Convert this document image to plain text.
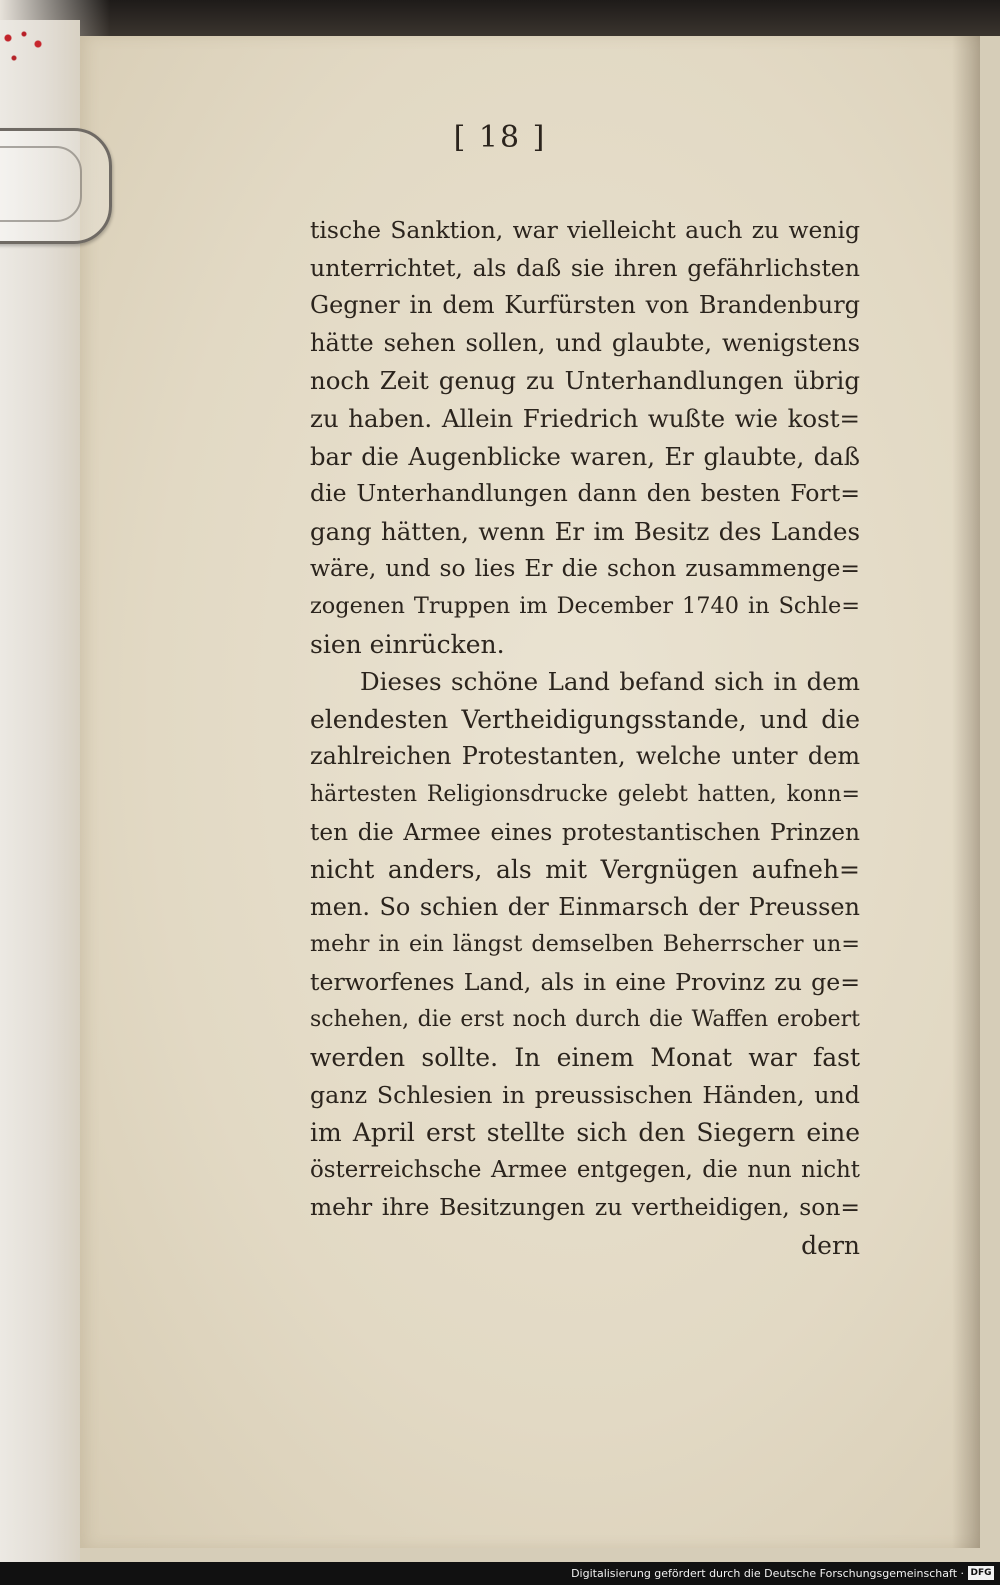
[ 18 ]
tische Sanktion, war vielleicht auch zu wenig
unterrichtet, als daß sie ihren gefährlichsten
Gegner in dem Kurfürsten von Brandenburg
hätte sehen sollen, und glaubte, wenigstens
noch Zeit genug zu Unterhandlungen übrig
zu haben. Allein Friedrich wußte wie kost=
bar die Augenblicke waren, Er glaubte, daß
die Unterhandlungen dann den besten Fort=
gang hätten, wenn Er im Besitz des Landes
wäre, und so lies Er die schon zusammenge=
zogenen Truppen im December 1740 in Schle=
sien einrücken.
Dieses schöne Land befand sich in dem
elendesten Vertheidigungsstande, und die
zahlreichen Protestanten, welche unter dem
härtesten Religionsdrucke gelebt hatten, konn=
ten die Armee eines protestantischen Prinzen
nicht anders, als mit Vergnügen aufneh=
men. So schien der Einmarsch der Preussen
mehr in ein längst demselben Beherrscher un=
terworfenes Land, als in eine Provinz zu ge=
schehen, die erst noch durch die Waffen erobert
werden sollte. In einem Monat war fast
ganz Schlesien in preussischen Händen, und
im April erst stellte sich den Siegern eine
österreichsche Armee entgegen, die nun nicht
mehr ihre Besitzungen zu vertheidigen, son=
dern
Digitalisierung gefördert durch die Deutsche Forschungsgemeinschaft · DFG
